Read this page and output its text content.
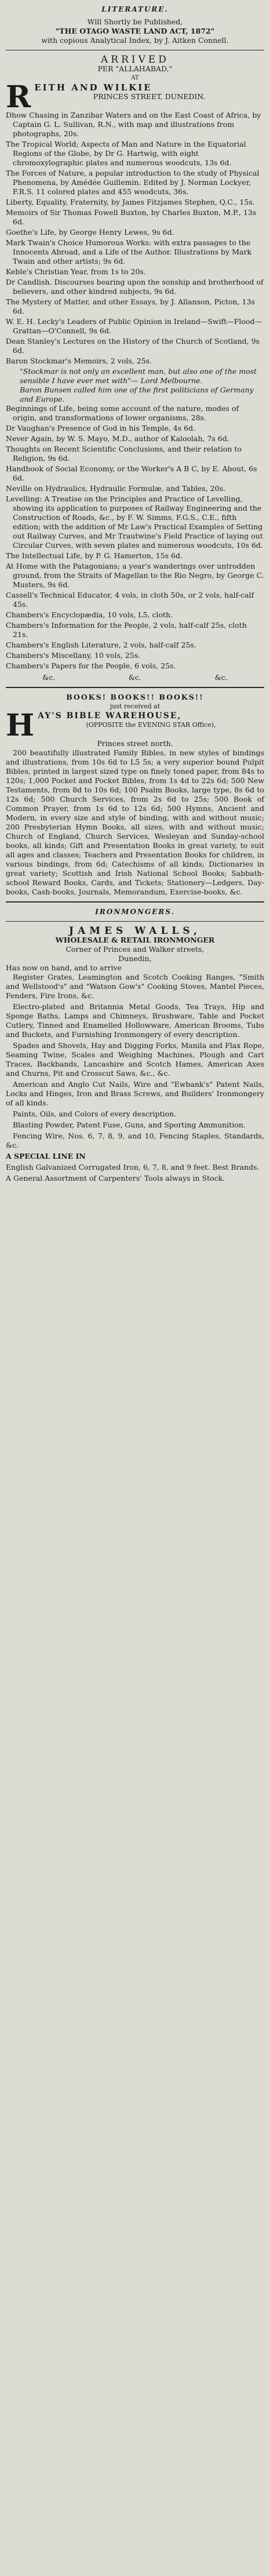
LITERATURE.
Will Shortly be Published,
"THE OTAGO WASTE LAND ACT, 1872"
with copious Analytical Index, by J. Aitken Connell.
ARRIVED
PER "ALLAHABAD,"
AT
R EITH AND WILKIE
PRINCES STREET, DUNEDIN.

Dhow Chasing in Zanzibar Waters and on the East Coast of Africa, by Captain G. L. Sullivan, R.N., with map and illustrations from photographs, 20s.

The Tropical World; Aspects of Man and Nature in the Equatorial Regions of the Globe, by Dr G. Hartwig, with eight chromoxylographic plates and numerous woodcuts, 13s 6d.

The Forces of Nature, a popular introduction to the study of Physical Phenomena, by Amédée Guillemin. Edited by J. Norman Lockyer, F.R.S. 11 colored plates and 455 woodcuts, 36s.

Liberty, Equality, Fraternity, by James Fitzjames Stephen, Q.C., 15s.

Memoirs of Sir Thomas Fowell Buxton, by Charles Buxton, M.P., 13s 6d.

Goethe's Life, by George Henry Lewes, 9s 6d.

Mark Twain's Choice Humorous Works: with extra passages to the Innocents Abroad, and a Life of the Author. Illustrations by Mark Twain and other artists; 9s 6d.

Keble's Christian Year, from 1s to 20s.

Dr Candlish. Discourses bearing upon the sonship and brotherhood of believers, and other kindred subjects, 9s 6d.

The Mystery of Matter, and other Essays, by J. Allanson, Picton, 13s 6d.

W. E. H. Lecky's Leaders of Public Opinion in Ireland—Swift—Flood—Grattan—O'Connell, 9s 6d.

Dean Stanley's Lectures on the History of the Church of Scotland, 9s 6d.

Baron Stockmar's Memoirs, 2 vols, 25s.

"Stockmar is not only an excellent man, but also one of the most sensible I have ever met with"— Lord Melbourne.
Baron Bunsen called him one of the first politicians of Germany and Europe.

Beginnings of Life, being some account of the nature, modes of origin, and transformations of lower organisms, 28s.

Dr Vaughan's Presence of God in his Temple, 4s 6d.

Never Again, by W. S. Mayo, M.D., author of Kaloolah, 7s 6d.

Thoughts on Recent Scientific Conclusions, and their relation to Religion, 9s 6d.

Handbook of Social Economy, or the Worker's A B C, by E. About, 6s 6d.

Neville on Hydraulics, Hydraulic Formulæ, and Tables, 20s.

Levelling: A Treatise on the Principles and Practice of Levelling, showing its application to purposes of Railway Engineering and the Construction of Roads, &c., by F. W. Simms, F.G.S., C.E., fifth edition; with the addition of Mr Law's Practical Examples of Setting out Railway Curves, and Mr Trautwine's Field Practice of laying out Circular Curves, with seven plates and numerous woodcuts, 10s 6d.

The Intellectual Life, by P. G. Hamerton, 15s 6d.

At Home with the Patagonians; a year's wanderings over untrodden ground, from the Straits of Magellan to the Rio Negro, by George C. Musters, 9s 6d.

Cassell's Technical Educator, 4 vols, in cloth 50s, or 2 vols, half-calf 45s.

Chambers's Encyclopædia, 10 vols, L5, cloth.

Chambers's Information for the People, 2 vols, half-calf 25s, cloth 21s.

Chambers's English Literature, 2 vols, half-calf 25s.

Chambers's Miscellany, 10 vols, 25s.

Chambers's Papers for the People, 6 vols, 25s.

&c.	&c.	&c.
BOOKS! BOOKS!! BOOKS!!
just received at
H AY'S BIBLE WAREHOUSE,
(OPPOSITE the EVENING STAR Office),
Princes street north.

200 beautifully illustrated Family Bibles, in new styles of bindings and illustrations, from 10s 6d to L5 5s; a very superior bound Pulpit Bibles, printed in largest sized type on finely toned paper, from 84s to 120s; 1,000 Pocket and Pocket Bibles, from 1s 4d to 22s 6d; 500 New Testaments, from 8d to 10s 6d; 100 Psalm Books, large type, 8s 6d to 12s 6d; 500 Church Services, from 2s 6d to 25s; 500 Book of Common Prayer, from 1s 6d to 12s 6d; 500 Hymns, Ancient and Modern, in every size and style of binding, with and without music; 200 Presbyterian Hymn Books, all sizes, with and without music; Church of England, Church Services, Wesleyan and Sunday-school books, all kinds; Gift and Presentation Books in great variety, to suit all ages and classes; Teachers and Presentation Books for children, in various bindings, from 6d; Catechisms of all kinds; Dictionaries in great variety; Scottish and Irish National School Books; Sabbath-school Reward Books, Cards, and Tickets; Stationery—Ledgers, Day-books, Cash-books, Journals, Memorandum, Exercise-books, &c.

IRONMONGERS.
JAMES WALLS,
WHOLESALE & RETAIL IRONMONGER
Corner of Princes and Walker streets,
Dunedin,
Has now on hand, and to arrive

Register Grates, Leamington and Scotch Cooking Ranges, "Smith and Wellstood's" and "Watson Gow's" Cooking Stoves, Mantel Pieces, Fenders, Fire Irons, &c.

Electro-plated and Britannia Metal Goods, Tea Trays, Hip and Sponge Baths, Lamps and Chimneys, Brushware, Table and Pocket Cutlery, Tinned and Enamelled Hollowware, American Brooms, Tubs and Buckets, and Furnishing Ironmongery of every description.

Spades and Shovels, Hay and Digging Forks, Manila and Flax Rope, Seaming Twine, Scales and Weighing Machines, Plough and Cart Traces, Backbands, Lancashire and Scotch Hames, American Axes and Churns, Pit and Crosscut Saws, &c., &c.

American and Anglo Cut Nails, Wire and "Ewbank's" Patent Nails, Locks and Hinges, Iron and Brass Screws, and Builders' Ironmongery of all kinds.

Paints, Oils, and Colors of every description.

Blasting Powder, Patent Fuse, Guns, and Sporting Ammunition.

Fencing Wire, Nos. 6, 7, 8, 9, and 10, Fencing Staples, Standards, &c.

A SPECIAL LINE IN

English Galvanized Corrugated Iron, 6, 7, 8, and 9 feet. Best Brands.

A General Assortment of Carpenters' Tools always in Stock.
